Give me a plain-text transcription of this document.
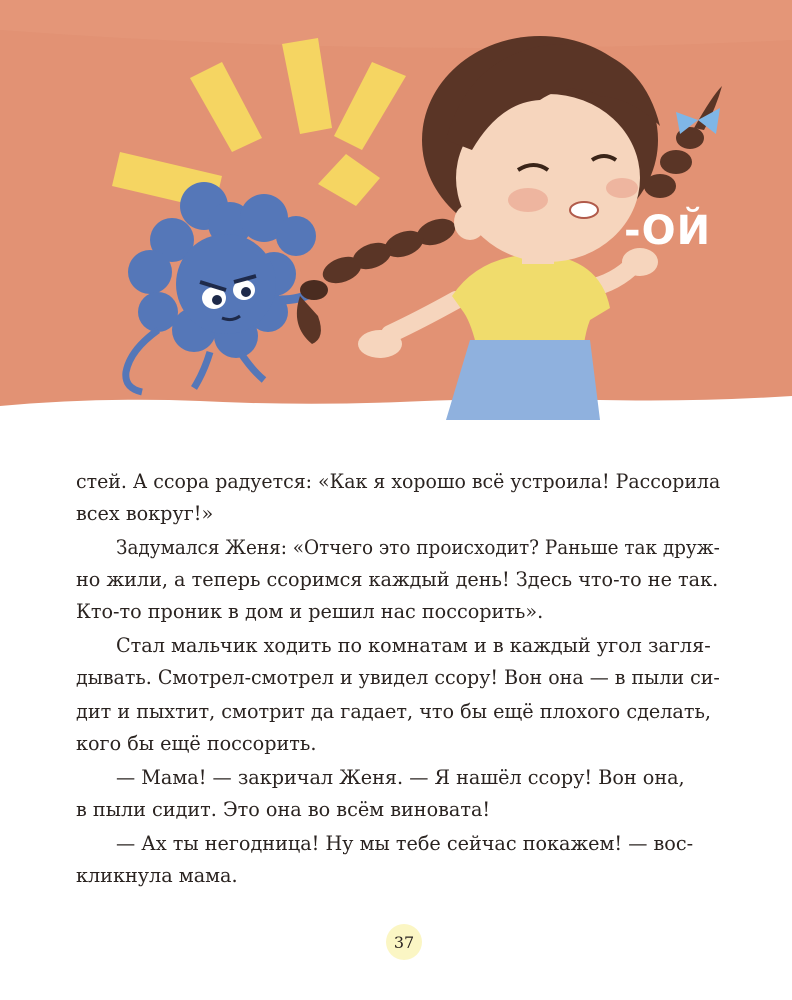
-ОЙ
стей. А ссора радуется: «Как я хорошо всё устроила! Рассорила
всех вокруг!»
Задумался Женя: «Отчего это происходит? Раньше так друж-
но жили, а теперь ссоримся каждый день! Здесь что-то не так.
Кто-то проник в дом и решил нас поссорить».
Стал мальчик ходить по комнатам и в каждый угол загля-
дывать. Смотрел-смотрел и увидел ссору! Вон она — в пыли си-
дит и пыхтит, смотрит да гадает, что бы ещё плохого сделать,
кого бы ещё поссорить.
— Мама! — закричал Женя. — Я нашёл ссору! Вон она,
в пыли сидит. Это она во всём виновата!
— Ах ты негодница! Ну мы тебе сейчас покажем! — вос-
кликнула мама.
37
